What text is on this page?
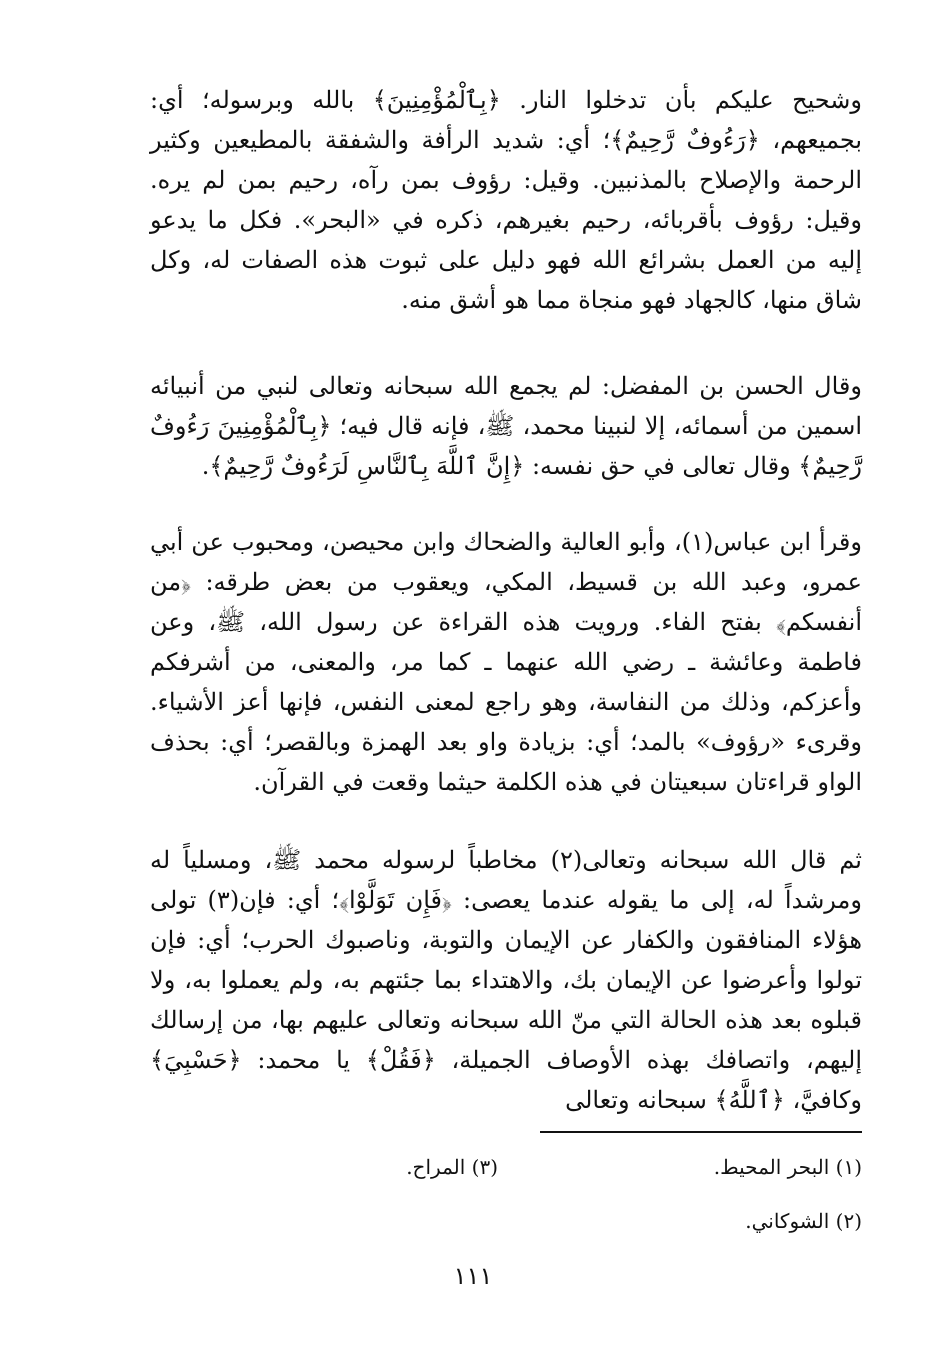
وشحيح عليكم بأن تدخلوا النار. ﴿بِٱلْمُؤْمِنِينَ﴾ بالله وبرسوله؛ أي: بجميعهم، ﴿رَءُوفٌ رَّحِيمٌ﴾؛ أي: شديد الرأفة والشفقة بالمطيعين وكثير الرحمة والإصلاح بالمذنبين. وقيل: رؤوف بمن رآه، رحيم بمن لم يره. وقيل: رؤوف بأقربائه، رحيم بغيرهم، ذكره في «البحر». فكل ما يدعو إليه من العمل بشرائع الله فهو دليل على ثبوت هذه الصفات له، وكل شاق منها، كالجهاد فهو منجاة مما هو أشق منه.

وقال الحسن بن المفضل: لم يجمع الله سبحانه وتعالى لنبي من أنبيائه اسمين من أسمائه، إلا لنبينا محمد، ﷺ، فإنه قال فيه؛ ﴿بِٱلْمُؤْمِنِينَ رَءُوفٌ رَّحِيمٌ﴾ وقال تعالى في حق نفسه: ﴿إِنَّ ٱللَّهَ بِٱلنَّاسِ لَرَءُوفٌ رَّحِيمٌ﴾.

وقرأ ابن عباس(١)، وأبو العالية والضحاك وابن محيصن، ومحبوب عن أبي عمرو، وعبد الله بن قسيط، المكي، ويعقوب من بعض طرقه: ﴿من أنفسكم﴾ بفتح الفاء. ورويت هذه القراءة عن رسول الله، ﷺ، وعن فاطمة وعائشة ـ رضي الله عنهما ـ كما مر، والمعنى، من أشرفكم وأعزكم، وذلك من النفاسة، وهو راجع لمعنى النفس، فإنها أعز الأشياء. وقرىء «رؤوف» بالمد؛ أي: بزيادة واو بعد الهمزة وبالقصر؛ أي: بحذف الواو قراءتان سبعيتان في هذه الكلمة حيثما وقعت في القرآن.

ثم قال الله سبحانه وتعالى(٢) مخاطباً لرسوله محمد ﷺ، ومسلياً له ومرشداً له، إلى ما يقوله عندما يعصى: ﴿فَإِن تَوَلَّوْا﴾؛ أي: فإن(٣) تولى هؤلاء المنافقون والكفار عن الإيمان والتوبة، وناصبوك الحرب؛ أي: فإن تولوا وأعرضوا عن الإيمان بك، والاهتداء بما جئتهم به، ولم يعملوا به، ولا قبلوه بعد هذه الحالة التي منّ الله سبحانه وتعالى عليهم بها، من إرسالك إليهم، واتصافك بهذه الأوصاف الجميلة، ﴿فَقُلْ﴾ يا محمد: ﴿حَسْبِيَ﴾ وكافيَّ، ﴿ٱللَّهُ﴾ سبحانه وتعالى

(١) البحر المحيط.

(٣) المراح.

(٢) الشوكاني.

١١١
